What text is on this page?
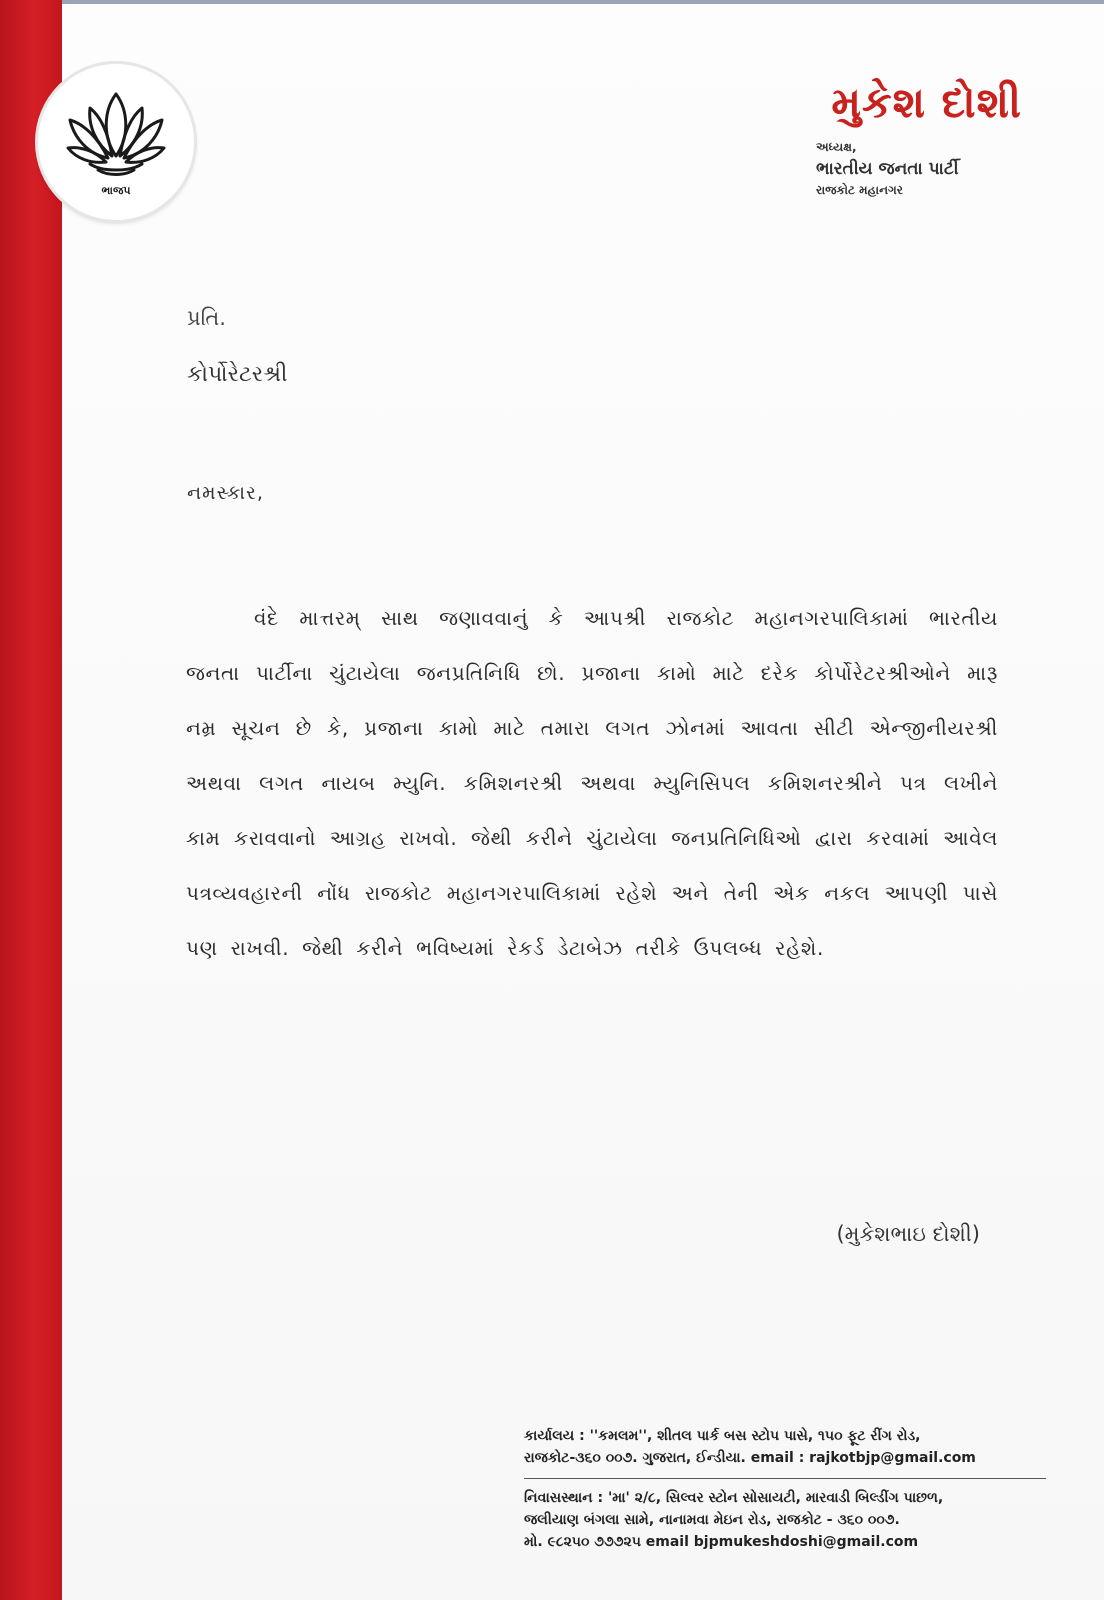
ભાજપ
મુકેશ દોશી
અધ્યક્ષ,
ભારતીય જનતા પાર્ટી
રાજકોટ મહાનગર
પ્રતિ.
કોર્પોરેટરશ્રી
નમસ્કાર,
વંદે માત્તરમ્ સાથ જણાવવાનું કે આપશ્રી રાજકોટ મહાનગરપાલિકામાં ભારતીય જનતા પાર્ટીના ચુંટાયેલા જનપ્રતિનિધિ છો. પ્રજાના કામો માટે દરેક કોર્પોરેટરશ્રીઓને મારૂ નમ્ર સૂચન છે કે, પ્રજાના કામો માટે તમારા લગત ઝોનમાં આવતા સીટી એન્જીનીયરશ્રી અથવા લગત નાયબ મ્યુનિ. કમિશનરશ્રી અથવા મ્યુનિસિપલ કમિશનરશ્રીને પત્ર લખીને કામ કરાવવાનો આગ્રહ રાખવો. જેથી કરીને ચુંટાયેલા જનપ્રતિનિધિઓ દ્વારા કરવામાં આવેલ પત્રવ્યવહારની નોંધ રાજકોટ મહાનગરપાલિકામાં રહેશે અને તેની એક નકલ આપણી પાસે પણ રાખવી. જેથી કરીને ભવિષ્યમાં રેકર્ડ ડેટાબેઝ તરીકે ઉપલબ્ધ રહેશે.
(મુકેશભાઇ દોશી)
કાર્યાલય : ''કમલમ'', શીતલ પાર્ક બસ સ્ટોપ પાસે, ૧૫૦ ફૂટ રીંગ રોડ,
રાજકોટ-૩૬૦ ૦૦૭. ગુજરાત, ઈન્ડીયા. email : rajkotbjp@gmail.com
નિવાસસ્થાન : 'મા' ૨/૮, સિલ્વર સ્ટોન સોસાયટી, મારવાડી બિલ્ડીંગ પાછળ,
જલીયાણ બંગલા સામે, નાનામવા મેઇન રોડ, રાજકોટ - ૩૬૦ ૦૦૭.
મો. ૯૮૨૫૦ ૭૭૭૨૫ email bjpmukeshdoshi@gmail.com
